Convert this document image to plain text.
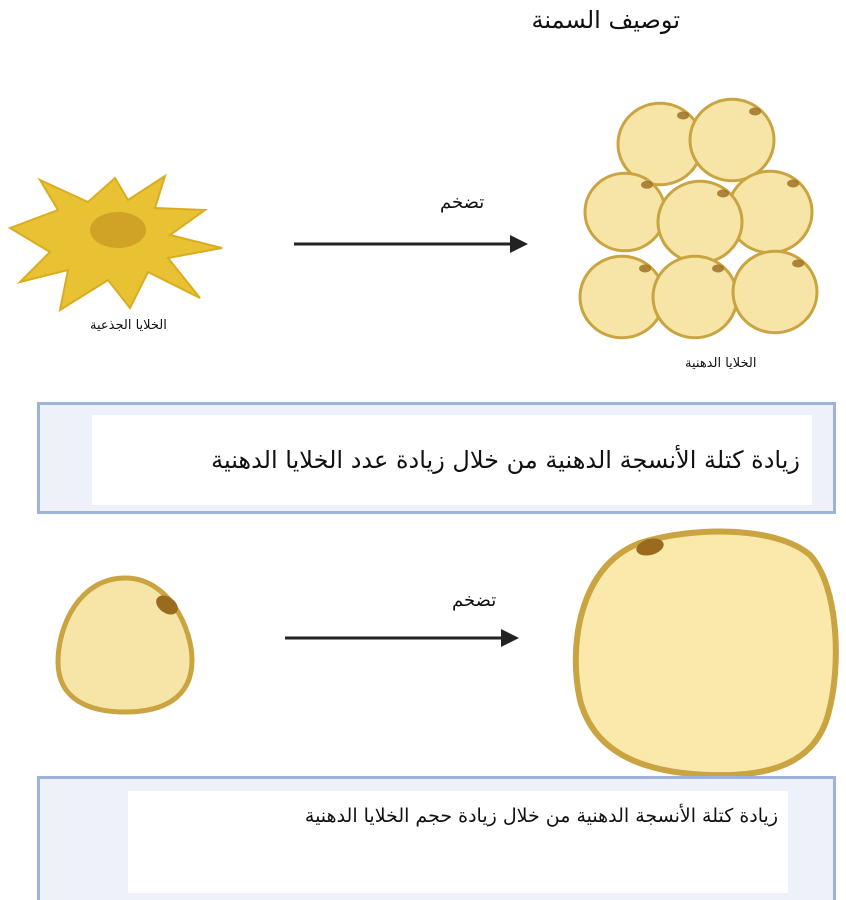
توصيف السمنة
الخلايا الجذعية
تضخم
الخلايا الدهنية
زيادة كتلة الأنسجة الدهنية من خلال زيادة عدد الخلايا الدهنية
تضخم
زيادة كتلة الأنسجة الدهنية من خلال زيادة حجم الخلايا الدهنية
